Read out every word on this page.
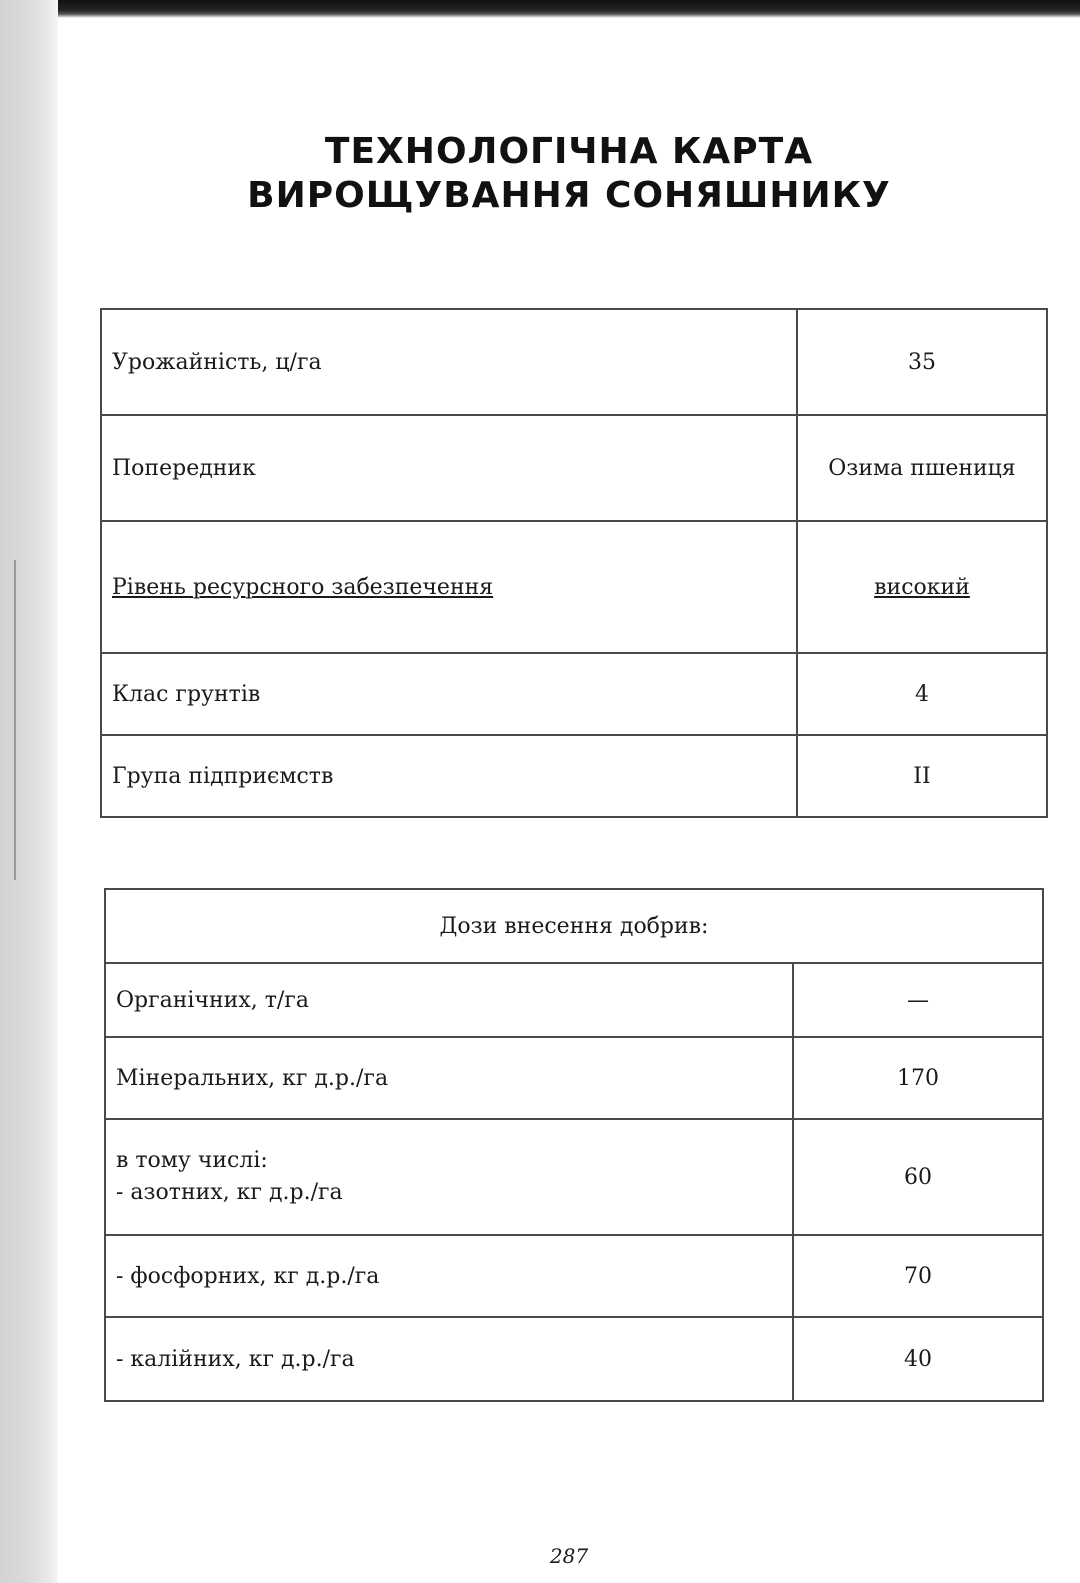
ТЕХНОЛОГІЧНА КАРТА
ВИРОЩУВАННЯ СОНЯШНИКУ
Урожайність, ц/га	35
Попередник	Озима пшениця
Рівень ресурсного забезпечення	високий
Клас грунтів	4
Група підприємств	II
Дози внесення добрив:	
Органічних, т/га	—
Мінеральних, кг д.р./га	170

в тому числі:
- азотних, кг д.р./га	60
- фосфорних, кг д.р./га	70
- калійних, кг д.р./га	40
287
